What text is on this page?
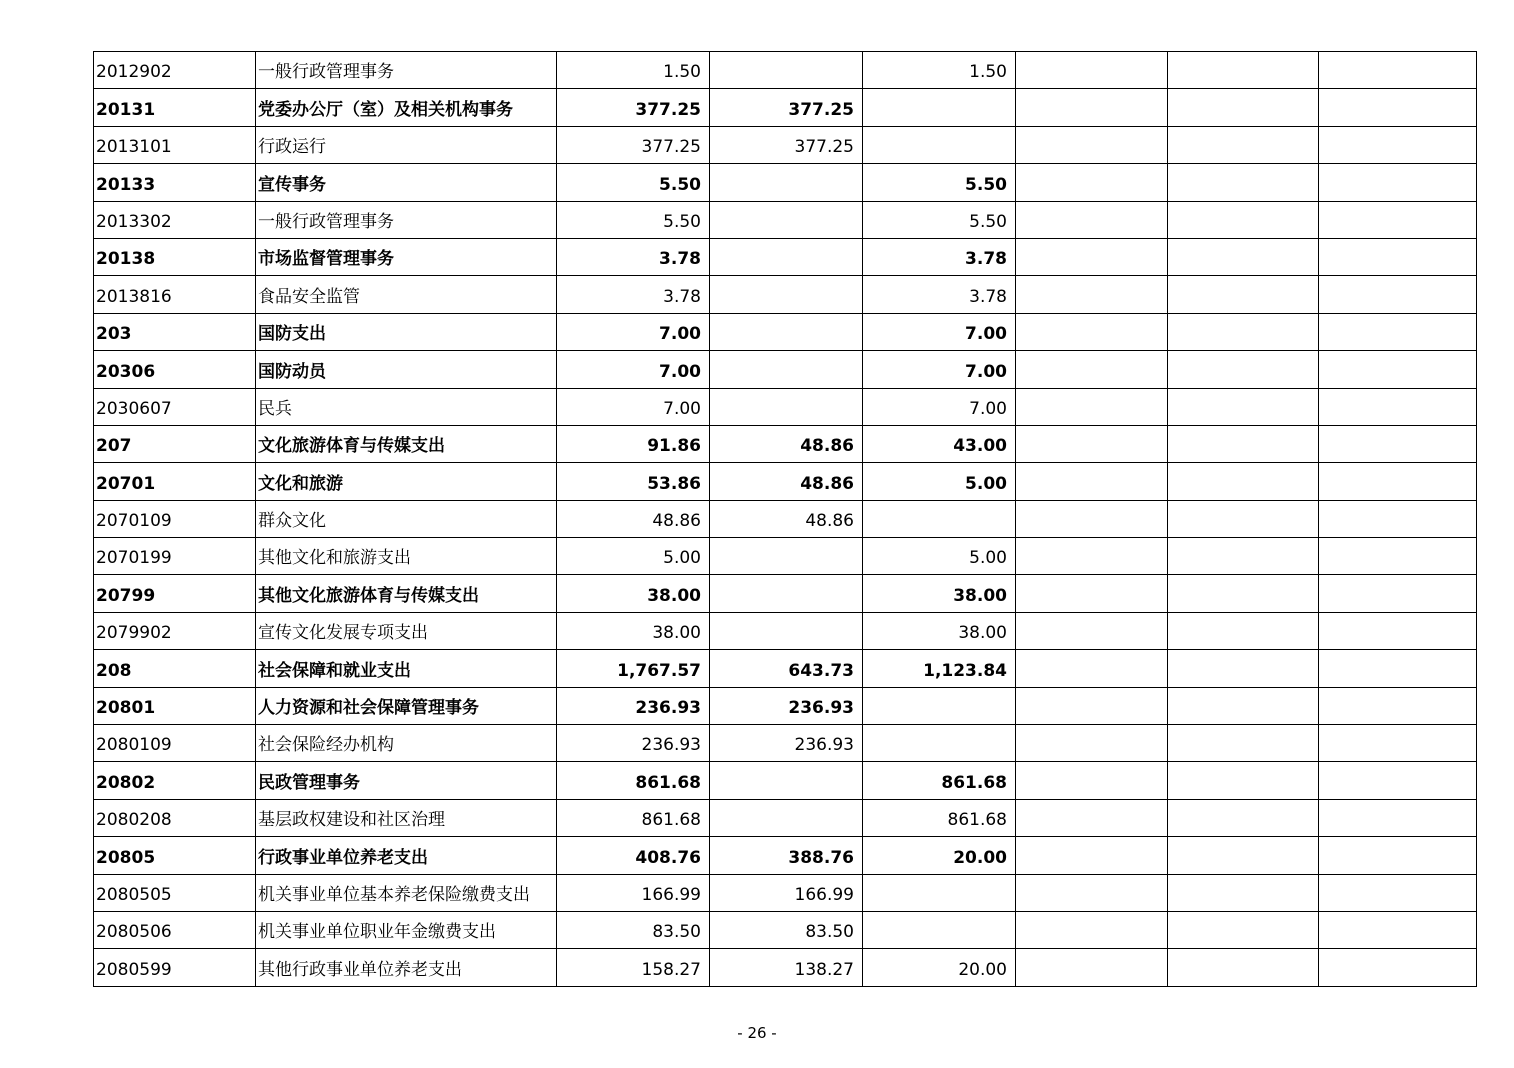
2012902	一般行政管理事务	1.50		1.50			
20131	党委办公厅（室）及相关机构事务	377.25	377.25				
2013101	行政运行	377.25	377.25				
20133	宣传事务	5.50		5.50			
2013302	一般行政管理事务	5.50		5.50			
20138	市场监督管理事务	3.78		3.78			
2013816	食品安全监管	3.78		3.78			
203	国防支出	7.00		7.00			
20306	国防动员	7.00		7.00			
2030607	民兵	7.00		7.00			
207	文化旅游体育与传媒支出	91.86	48.86	43.00			
20701	文化和旅游	53.86	48.86	5.00			
2070109	群众文化	48.86	48.86				
2070199	其他文化和旅游支出	5.00		5.00			
20799	其他文化旅游体育与传媒支出	38.00		38.00			
2079902	宣传文化发展专项支出	38.00		38.00			
208	社会保障和就业支出	1,767.57	643.73	1,123.84			
20801	人力资源和社会保障管理事务	236.93	236.93				
2080109	社会保险经办机构	236.93	236.93				
20802	民政管理事务	861.68		861.68			
2080208	基层政权建设和社区治理	861.68		861.68			
20805	行政事业单位养老支出	408.76	388.76	20.00			
2080505	机关事业单位基本养老保险缴费支出	166.99	166.99				
2080506	机关事业单位职业年金缴费支出	83.50	83.50				
2080599	其他行政事业单位养老支出	158.27	138.27	20.00			
- 26 -
